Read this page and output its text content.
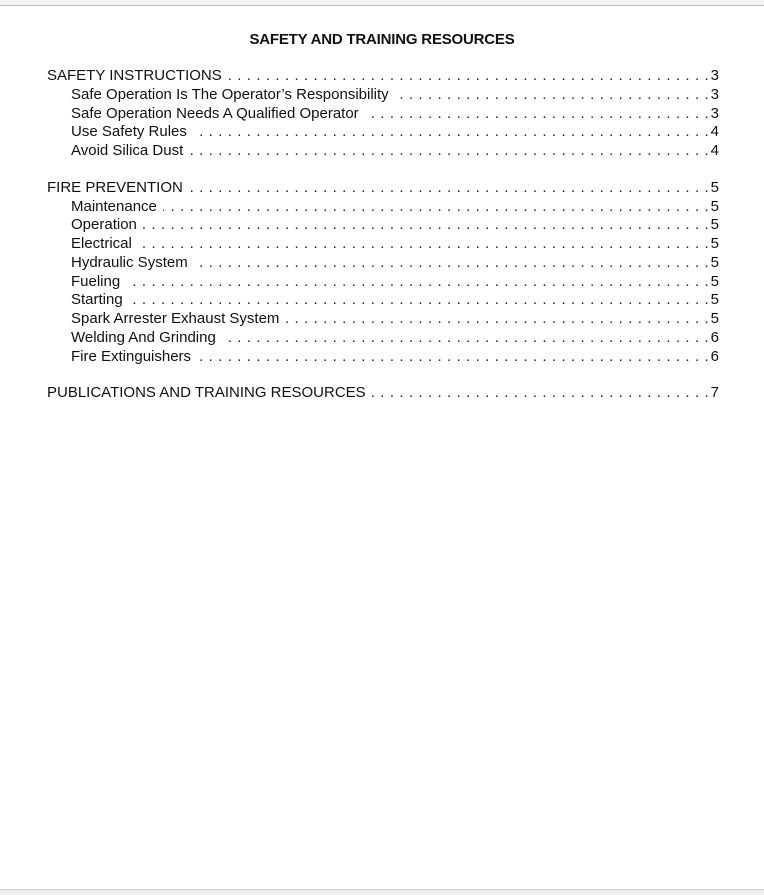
SAFETY AND TRAINING RESOURCES
SAFETY INSTRUCTIONS . . .	3
Safe Operation Is The Operator’s Responsibility . . .	3
Safe Operation Needs A Qualified Operator . . .	3
Use Safety Rules . . .	4
Avoid Silica Dust . . .	4
FIRE PREVENTION . . .	5
Maintenance . . .	5
Operation . . .	5
Electrical . . .	5
Hydraulic System . . .	5
Fueling . . .	5
Starting . . .	5
Spark Arrester Exhaust System . . .	5
Welding And Grinding . . .	6
Fire Extinguishers . . .	6
PUBLICATIONS AND TRAINING RESOURCES . . .	7
